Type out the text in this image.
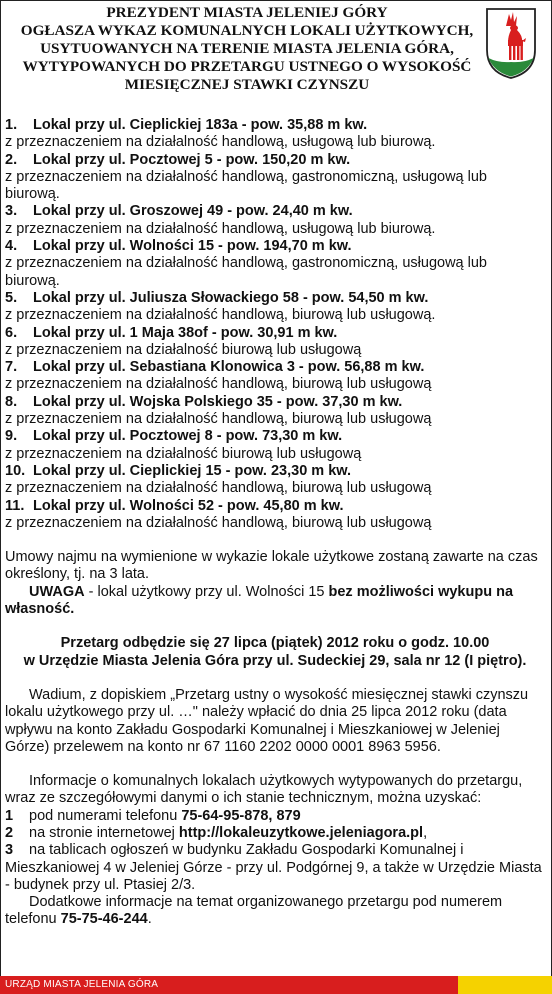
PREZYDENT MIASTA JELENIEJ GÓRY
OGŁASZA WYKAZ KOMUNALNYCH LOKALI UŻYTKOWYCH,
USYTUOWANYCH NA TERENIE MIASTA JELENIA GÓRA,
WYTYPOWANYCH DO PRZETARGU USTNEGO O WYSOKOŚĆ
MIESIĘCZNEJ STAWKI CZYNSZU
1. Lokal przy ul. Cieplickiej 183a - pow. 35,88 m kw.
z przeznaczeniem na działalność handlową, usługową lub biurową.
2. Lokal przy ul. Pocztowej 5 - pow. 150,20 m kw.
z przeznaczeniem na działalność handlową, gastronomiczną, usługową lub biurową.
3. Lokal przy ul. Groszowej 49 - pow. 24,40 m kw.
z przeznaczeniem na działalność handlową, usługową lub biurową.
4. Lokal przy ul. Wolności 15 - pow. 194,70 m kw.
z przeznaczeniem na działalność handlową, gastronomiczną, usługową lub biurową.
5. Lokal przy ul. Juliusza Słowackiego 58 - pow. 54,50 m kw.
z przeznaczeniem na działalność handlową, biurową lub usługową.
6. Lokal przy ul. 1 Maja 38of - pow. 30,91 m kw.
z przeznaczeniem na działalność biurową lub usługową
7. Lokal przy ul. Sebastiana Klonowica 3 - pow. 56,88 m kw.
z przeznaczeniem na działalność handlową, biurową lub usługową
8. Lokal przy ul. Wojska Polskiego 35 - pow. 37,30 m kw.
z przeznaczeniem na działalność handlową, biurową lub usługową
9. Lokal przy ul. Pocztowej 8 - pow. 73,30 m kw.
z przeznaczeniem na działalność biurową lub usługową
10. Lokal przy ul. Cieplickiej 15 - pow. 23,30 m kw.
z przeznaczeniem na działalność handlową, biurową lub usługową
11. Lokal przy ul. Wolności 52 - pow. 45,80 m kw.
z przeznaczeniem na działalność handlową, biurową lub usługową
Umowy najmu na wymienione w wykazie lokale użytkowe zostaną zawarte na czas określony, tj. na 3 lata.
UWAGA - lokal użytkowy przy ul. Wolności 15 bez możliwości wykupu na własność.
Przetarg odbędzie się 27 lipca (piątek) 2012 roku o godz. 10.00
w Urzędzie Miasta Jelenia Góra przy ul. Sudeckiej 29, sala nr 12 (I piętro).
Wadium, z dopiskiem „Przetarg ustny o wysokość miesięcznej stawki czynszu lokalu użytkowego przy ul. …" należy wpłacić do dnia 25 lipca 2012 roku (data wpływu na konto Zakładu Gospodarki Komunalnej i Mieszkaniowej w Jeleniej Górze) przelewem na konto nr 67 1160 2202 0000 0001 8963 5956.
Informacje o komunalnych lokalach użytkowych wytypowanych do przetargu, wraz ze szczegółowymi danymi o ich stanie technicznym, można uzyskać:
1 pod numerami telefonu 75-64-95-878, 879
2 na stronie internetowej http://lokaleuzytkowe.jeleniagora.pl,
3 na tablicach ogłoszeń w budynku Zakładu Gospodarki Komunalnej i Mieszkaniowej 4 w Jeleniej Górze - przy ul. Podgórnej 9, a także w Urzędzie Miasta - budynek przy ul. Ptasiej 2/3.
Dodatkowe informacje na temat organizowanego przetargu pod numerem telefonu 75-75-46-244.
URZĄD MIASTA JELENIA GÓRA
